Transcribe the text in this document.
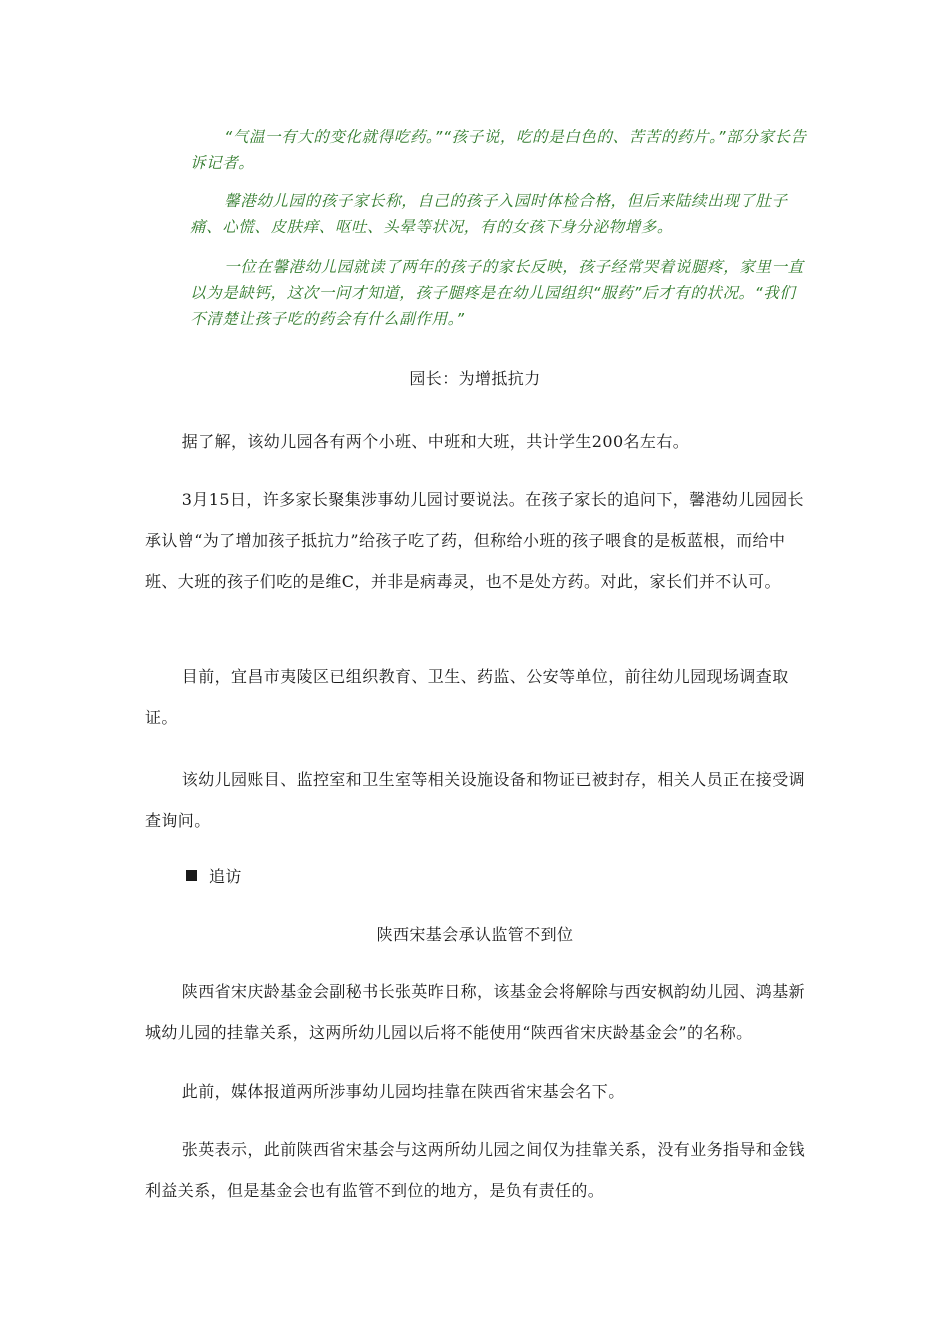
“气温一有大的变化就得吃药。”“孩子说，吃的是白色的、苦苦的药片。”部分家长告诉记者。

馨港幼儿园的孩子家长称，自己的孩子入园时体检合格，但后来陆续出现了肚子痛、心慌、皮肤痒、呕吐、头晕等状况，有的女孩下身分泌物增多。

一位在馨港幼儿园就读了两年的孩子的家长反映，孩子经常哭着说腿疼，家里一直以为是缺钙，这次一问才知道，孩子腿疼是在幼儿园组织“服药”后才有的状况。“我们不清楚让孩子吃的药会有什么副作用。”

园长：为增抵抗力

据了解，该幼儿园各有两个小班、中班和大班，共计学生200名左右。

3月15日，许多家长聚集涉事幼儿园讨要说法。在孩子家长的追问下，馨港幼儿园园长承认曾“为了增加孩子抵抗力”给孩子吃了药，但称给小班的孩子喂食的是板蓝根，而给中班、大班的孩子们吃的是维C，并非是病毒灵，也不是处方药。对此，家长们并不认可。

目前，宜昌市夷陵区已组织教育、卫生、药监、公安等单位，前往幼儿园现场调查取证。

该幼儿园账目、监控室和卫生室等相关设施设备和物证已被封存，相关人员正在接受调查询问。

追访
陕西宋基会承认监管不到位

陕西省宋庆龄基金会副秘书长张英昨日称，该基金会将解除与西安枫韵幼儿园、鸿基新城幼儿园的挂靠关系，这两所幼儿园以后将不能使用“陕西省宋庆龄基金会”的名称。

此前，媒体报道两所涉事幼儿园均挂靠在陕西省宋基会名下。

张英表示，此前陕西省宋基会与这两所幼儿园之间仅为挂靠关系，没有业务指导和金钱利益关系，但是基金会也有监管不到位的地方，是负有责任的。
